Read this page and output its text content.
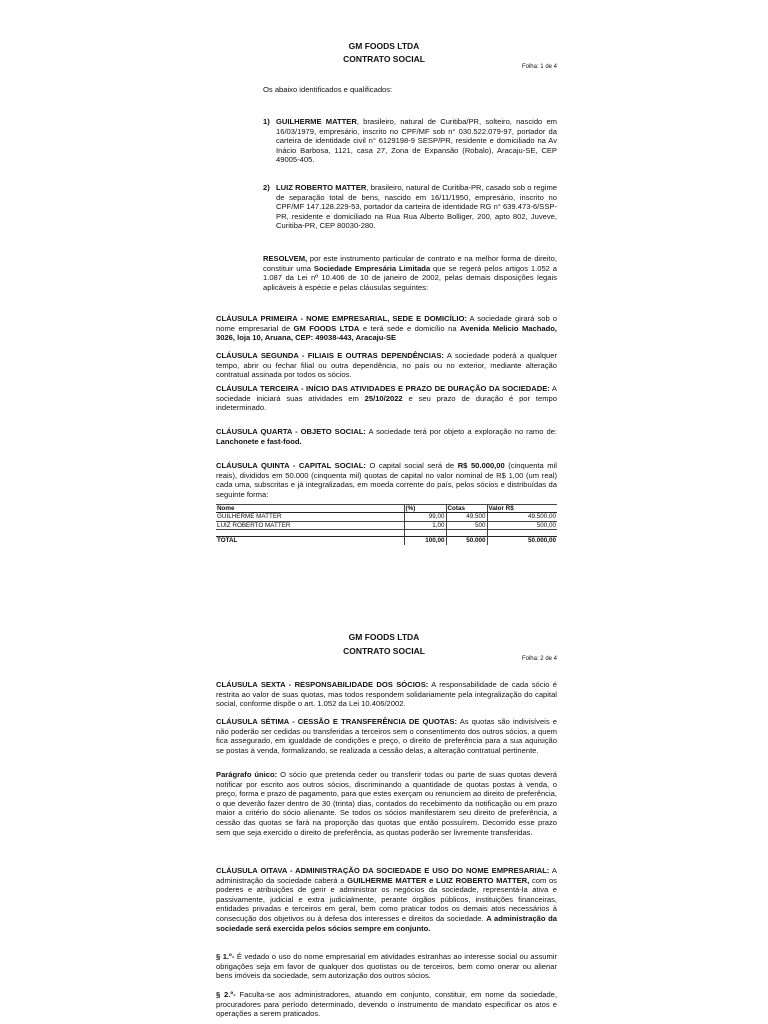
GM FOODS LTDA
CONTRATO SOCIAL
Folha: 1 de 4
Os abaixo identificados e qualificados:
1) GUILHERME MATTER, brasileiro, natural de Curitiba/PR, solteiro, nascido em 16/03/1979, empresário, inscrito no CPF/MF sob n° 030.522.079-97, portador da carteira de identidade civil n° 6129198-9 SESP/PR, residente e domiciliado na Av Inácio Barbosa, 1121, casa 27, Zona de Expansão (Robalo), Aracaju-SE, CEP 49005-405.
2) LUIZ ROBERTO MATTER, brasileiro, natural de Curitiba-PR, casado sob o regime de separação total de bens, nascido em 16/11/1950, empresário, inscrito no CPF/MF 147.128.229-53, portador da carteira de identidade RG n° 639.473-6/SSP-PR, residente e domiciliado na Rua Rua Alberto Bolliger, 200, apto 802, Juveve, Curitiba-PR, CEP 80030-280.
RESOLVEM, por este instrumento particular de contrato e na melhor forma de direito, constituir uma Sociedade Empresária Limitada que se regerá pelos artigos 1.052 a 1.087 da Lei nº 10.406 de 10 de janeiro de 2002, pelas demais disposições legais aplicáveis à espécie e pelas cláusulas seguintes:
CLÁUSULA PRIMEIRA - NOME EMPRESARIAL, SEDE E DOMICÍLIO: A sociedade girará sob o nome empresarial de GM FOODS LTDA e terá sede e domicílio na Avenida Melicio Machado, 3026, loja 10, Aruana, CEP: 49038-443, Aracaju-SE
CLÁUSULA SEGUNDA - FILIAIS E OUTRAS DEPENDÊNCIAS: A sociedade poderá a qualquer tempo, abrir ou fechar filial ou outra dependência, no país ou no exterior, mediante alteração contratual assinada por todos os sócios.
CLÁUSULA TERCEIRA - INÍCIO DAS ATIVIDADES E PRAZO DE DURAÇÃO DA SOCIEDADE: A sociedade iniciará suas atividades em 25/10/2022 e seu prazo de duração é por tempo indeterminado.
CLÁUSULA QUARTA - OBJETO SOCIAL: A sociedade terá por objeto a exploração no ramo de: Lanchonete e fast-food.
CLÁUSULA QUINTA - CAPITAL SOCIAL: O capital social será de R$ 50.000,00 (cinquenta mil reais), divididos em 50.000 (cinquenta mil) quotas de capital no valor nominal de R$ 1,00 (um real) cada uma, subscritas e já integralizadas, em moeda corrente do país, pelos sócios e distribuídas da seguinte forma:
Nome	(%)	Cotas	Valor R$
GUILHERME MATTER	99,00	49.500	49.500,00
LUIZ ROBERTO MATTER	1,00	500	500,00

TOTAL	100,00	50.000	50.000,00
GM FOODS LTDA
CONTRATO SOCIAL
Folha: 2 de 4
CLÁUSULA SEXTA - RESPONSABILIDADE DOS SÓCIOS: A responsabilidade de cada sócio é restrita ao valor de suas quotas, mas todos respondem solidariamente pela integralização do capital social, conforme dispõe o art. 1.052 da Lei 10.406/2002.
CLÁUSULA SÉTIMA - CESSÃO E TRANSFERÊNCIA DE QUOTAS: As quotas são indivisíveis e não poderão ser cedidas ou transferidas a terceiros sem o consentimento dos outros sócios, a quem fica assegurado, em igualdade de condições e preço, o direito de preferência para a sua aquisição se postas à venda, formalizando, se realizada a cessão delas, a alteração contratual pertinente.
Parágrafo único: O sócio que pretenda ceder ou transferir todas ou parte de suas quotas deverá notificar por escrito aos outros sócios, discriminando a quantidade de quotas postas à venda, o preço, forma e prazo de pagamento, para que estes exerçam ou renunciem ao direito de preferência, o que deverão fazer dentro de 30 (trinta) dias, contados do recebimento da notificação ou em prazo maior a critério do sócio alienante. Se todos os sócios manifestarem seu direito de preferência, a cessão das quotas se fará na proporção das quotas que então possuírem. Decorrido esse prazo sem que seja exercido o direito de preferência, as quotas poderão ser livremente transferidas.
CLÁUSULA OITAVA - ADMINISTRAÇÃO DA SOCIEDADE E USO DO NOME EMPRESARIAL: A administração da sociedade caberá a GUILHERME MATTER e LUIZ ROBERTO MATTER, com os poderes e atribuições de gerir e administrar os negócios da sociedade, representá-la ativa e passivamente, judicial e extra judicialmente, perante órgãos públicos, instituições financeiras, entidades privadas e terceiros em geral, bem como praticar todos os demais atos necessários à consecução dos objetivos ou à defesa dos interesses e direitos da sociedade. A administração da sociedade será exercida pelos sócios sempre em conjunto.
§ 1.º- É vedado o uso do nome empresarial em atividades estranhas ao interesse social ou assumir obrigações seja em favor de qualquer dos quotistas ou de terceiros, bem como onerar ou alienar bens imóveis da sociedade, sem autorização dos outros sócios.
§ 2.º- Faculta-se aos administradores, atuando em conjunto, constituir, em nome da sociedade, procuradores para período determinado, devendo o instrumento de mandato especificar os atos e operações a serem praticados.
